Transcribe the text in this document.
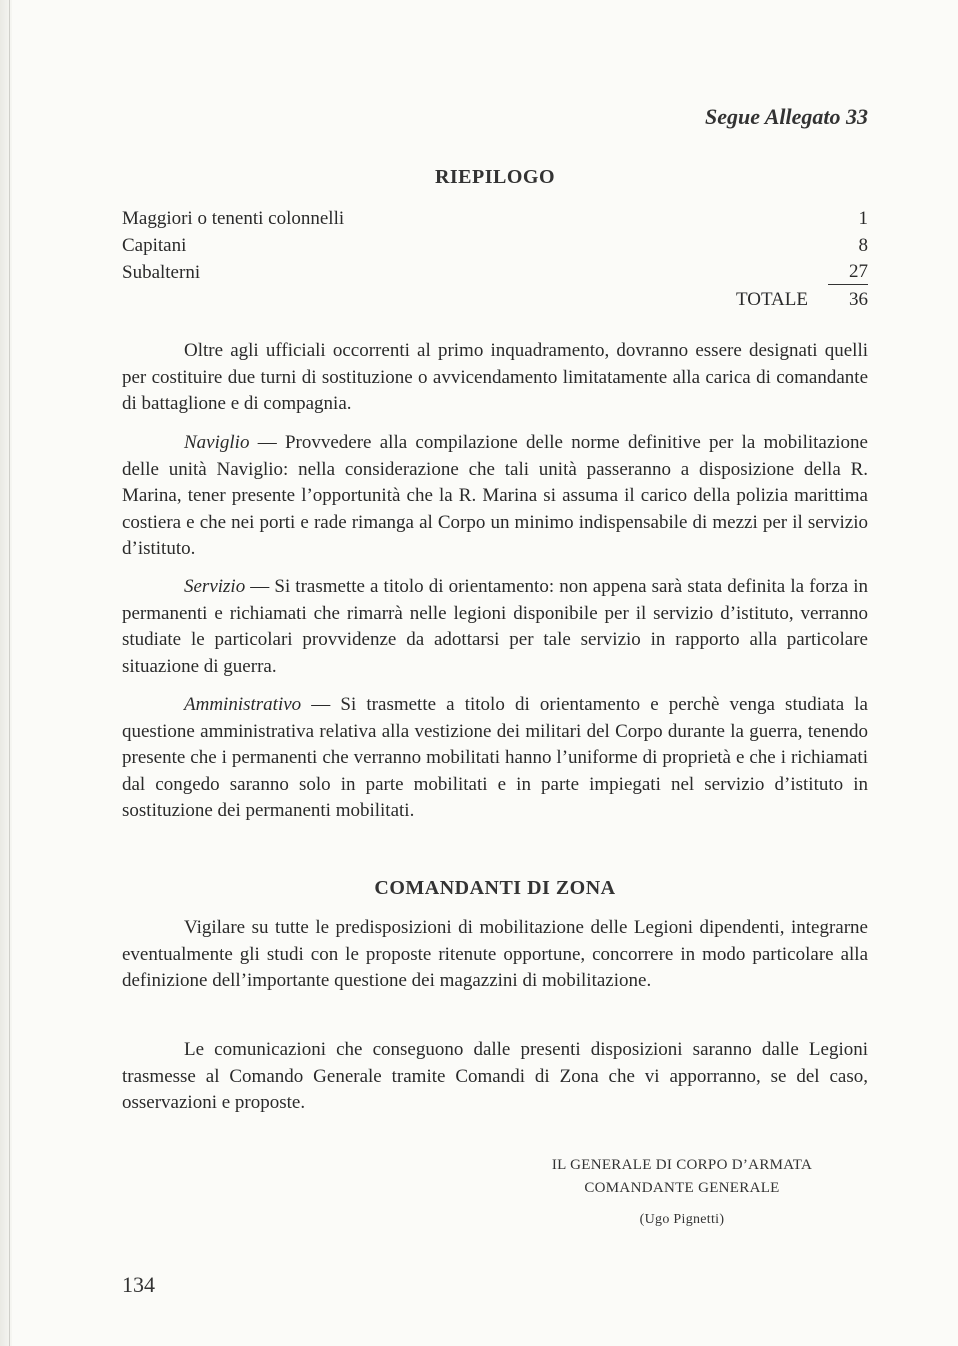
Segue Allegato 33
RIEPILOGO
Maggiori o tenenti colonnelli	1
Capitani	8
Subalterni	27
TOTALE	36

Oltre agli ufficiali occorrenti al primo inquadramento, dovranno essere designati quelli per costituire due turni di sostituzione o avvicendamento limitatamente alla carica di comandante di battaglione e di compagnia.

Naviglio — Provvedere alla compilazione delle norme definitive per la mobilitazione delle unità Naviglio: nella considerazione che tali unità passeranno a disposizione della R. Marina, tener presente l’opportunità che la R. Marina si assuma il carico della polizia marittima costiera e che nei porti e rade rimanga al Corpo un minimo indispensabile di mezzi per il servizio d’istituto.

Servizio — Si trasmette a titolo di orientamento: non appena sarà stata definita la forza in permanenti e richiamati che rimarrà nelle legioni disponibile per il servizio d’istituto, verranno studiate le particolari provvidenze da adottarsi per tale servizio in rapporto alla particolare situazione di guerra.

Amministrativo — Si trasmette a titolo di orientamento e perchè venga studiata la questione amministrativa relativa alla vestizione dei militari del Corpo durante la guerra, tenendo presente che i permanenti che verranno mobilitati hanno l’uniforme di proprietà e che i richiamati dal congedo saranno solo in parte mobilitati e in parte impiegati nel servizio d’istituto in sostituzione dei permanenti mobilitati.

COMANDANTI DI ZONA

Vigilare su tutte le predisposizioni di mobilitazione delle Legioni dipendenti, integrarne eventualmente gli studi con le proposte ritenute opportune, concorrere in modo particolare alla definizione dell’importante questione dei magazzini di mobilitazione.

Le comunicazioni che conseguono dalle presenti disposizioni saranno dalle Legioni trasmesse al Comando Generale tramite Comandi di Zona che vi apporranno, se del caso, osservazioni e proposte.

IL GENERALE DI CORPO D’ARMATA
COMANDANTE GENERALE
(Ugo Pignetti)
134
